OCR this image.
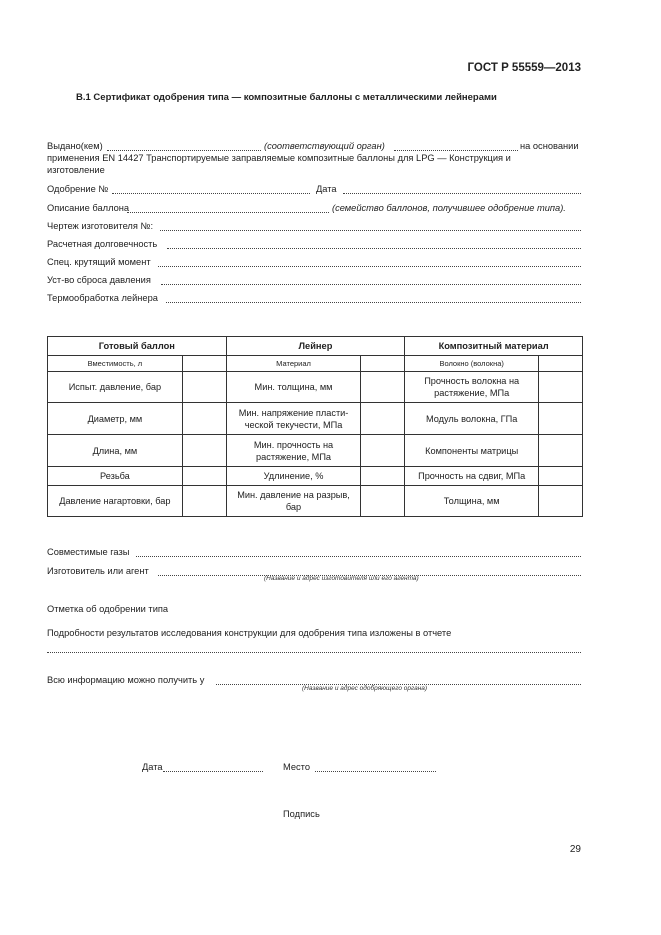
ГОСТ Р 55559—2013
В.1 Сертификат одобрения типа — композитные баллоны с металлическими лейнерами
Выдано(кем)	(соответствующий орган)	на основании
применения EN 14427 Транспортируемые заправляемые композитные баллоны для LPG — Конструкция и
изготовление
Одобрение №	Дата
Описание баллона	(семейство баллонов, получившее одобрение типа).
Чертеж изготовителя №:
Расчетная долговечность
Спец. крутящий момент
Уст-во сброса давления
Термообработка лейнера
Готовый баллон		Лейнер		Композитный материал	
Вместимость, л		Материал		Волокно (волокна)	
Испыт. давление, бар		Мин. толщина, мм		Прочность волокна на растяжение, МПа	
Диаметр, мм		Мин. напряжение пласти-ческой текучести, МПа		Модуль волокна, ГПа	
Длина, мм		Мин. прочность на растяжение, МПа		Компоненты матрицы	
Резьба		Удлинение, %		Прочность на сдвиг, МПа	
Давление нагартовки, бар		Мин. давление на разрыв, бар		Толщина, мм	
Совместимые газы
Изготовитель или агент
(Название и адрес изготовителя или его агента)
Отметка об одобрении типа
Подробности результатов исследования конструкции для одобрения типа изложены в отчете
Всю информацию можно получить у
(Название и адрес одобряющего органа)
Дата	Место
Подпись
29
